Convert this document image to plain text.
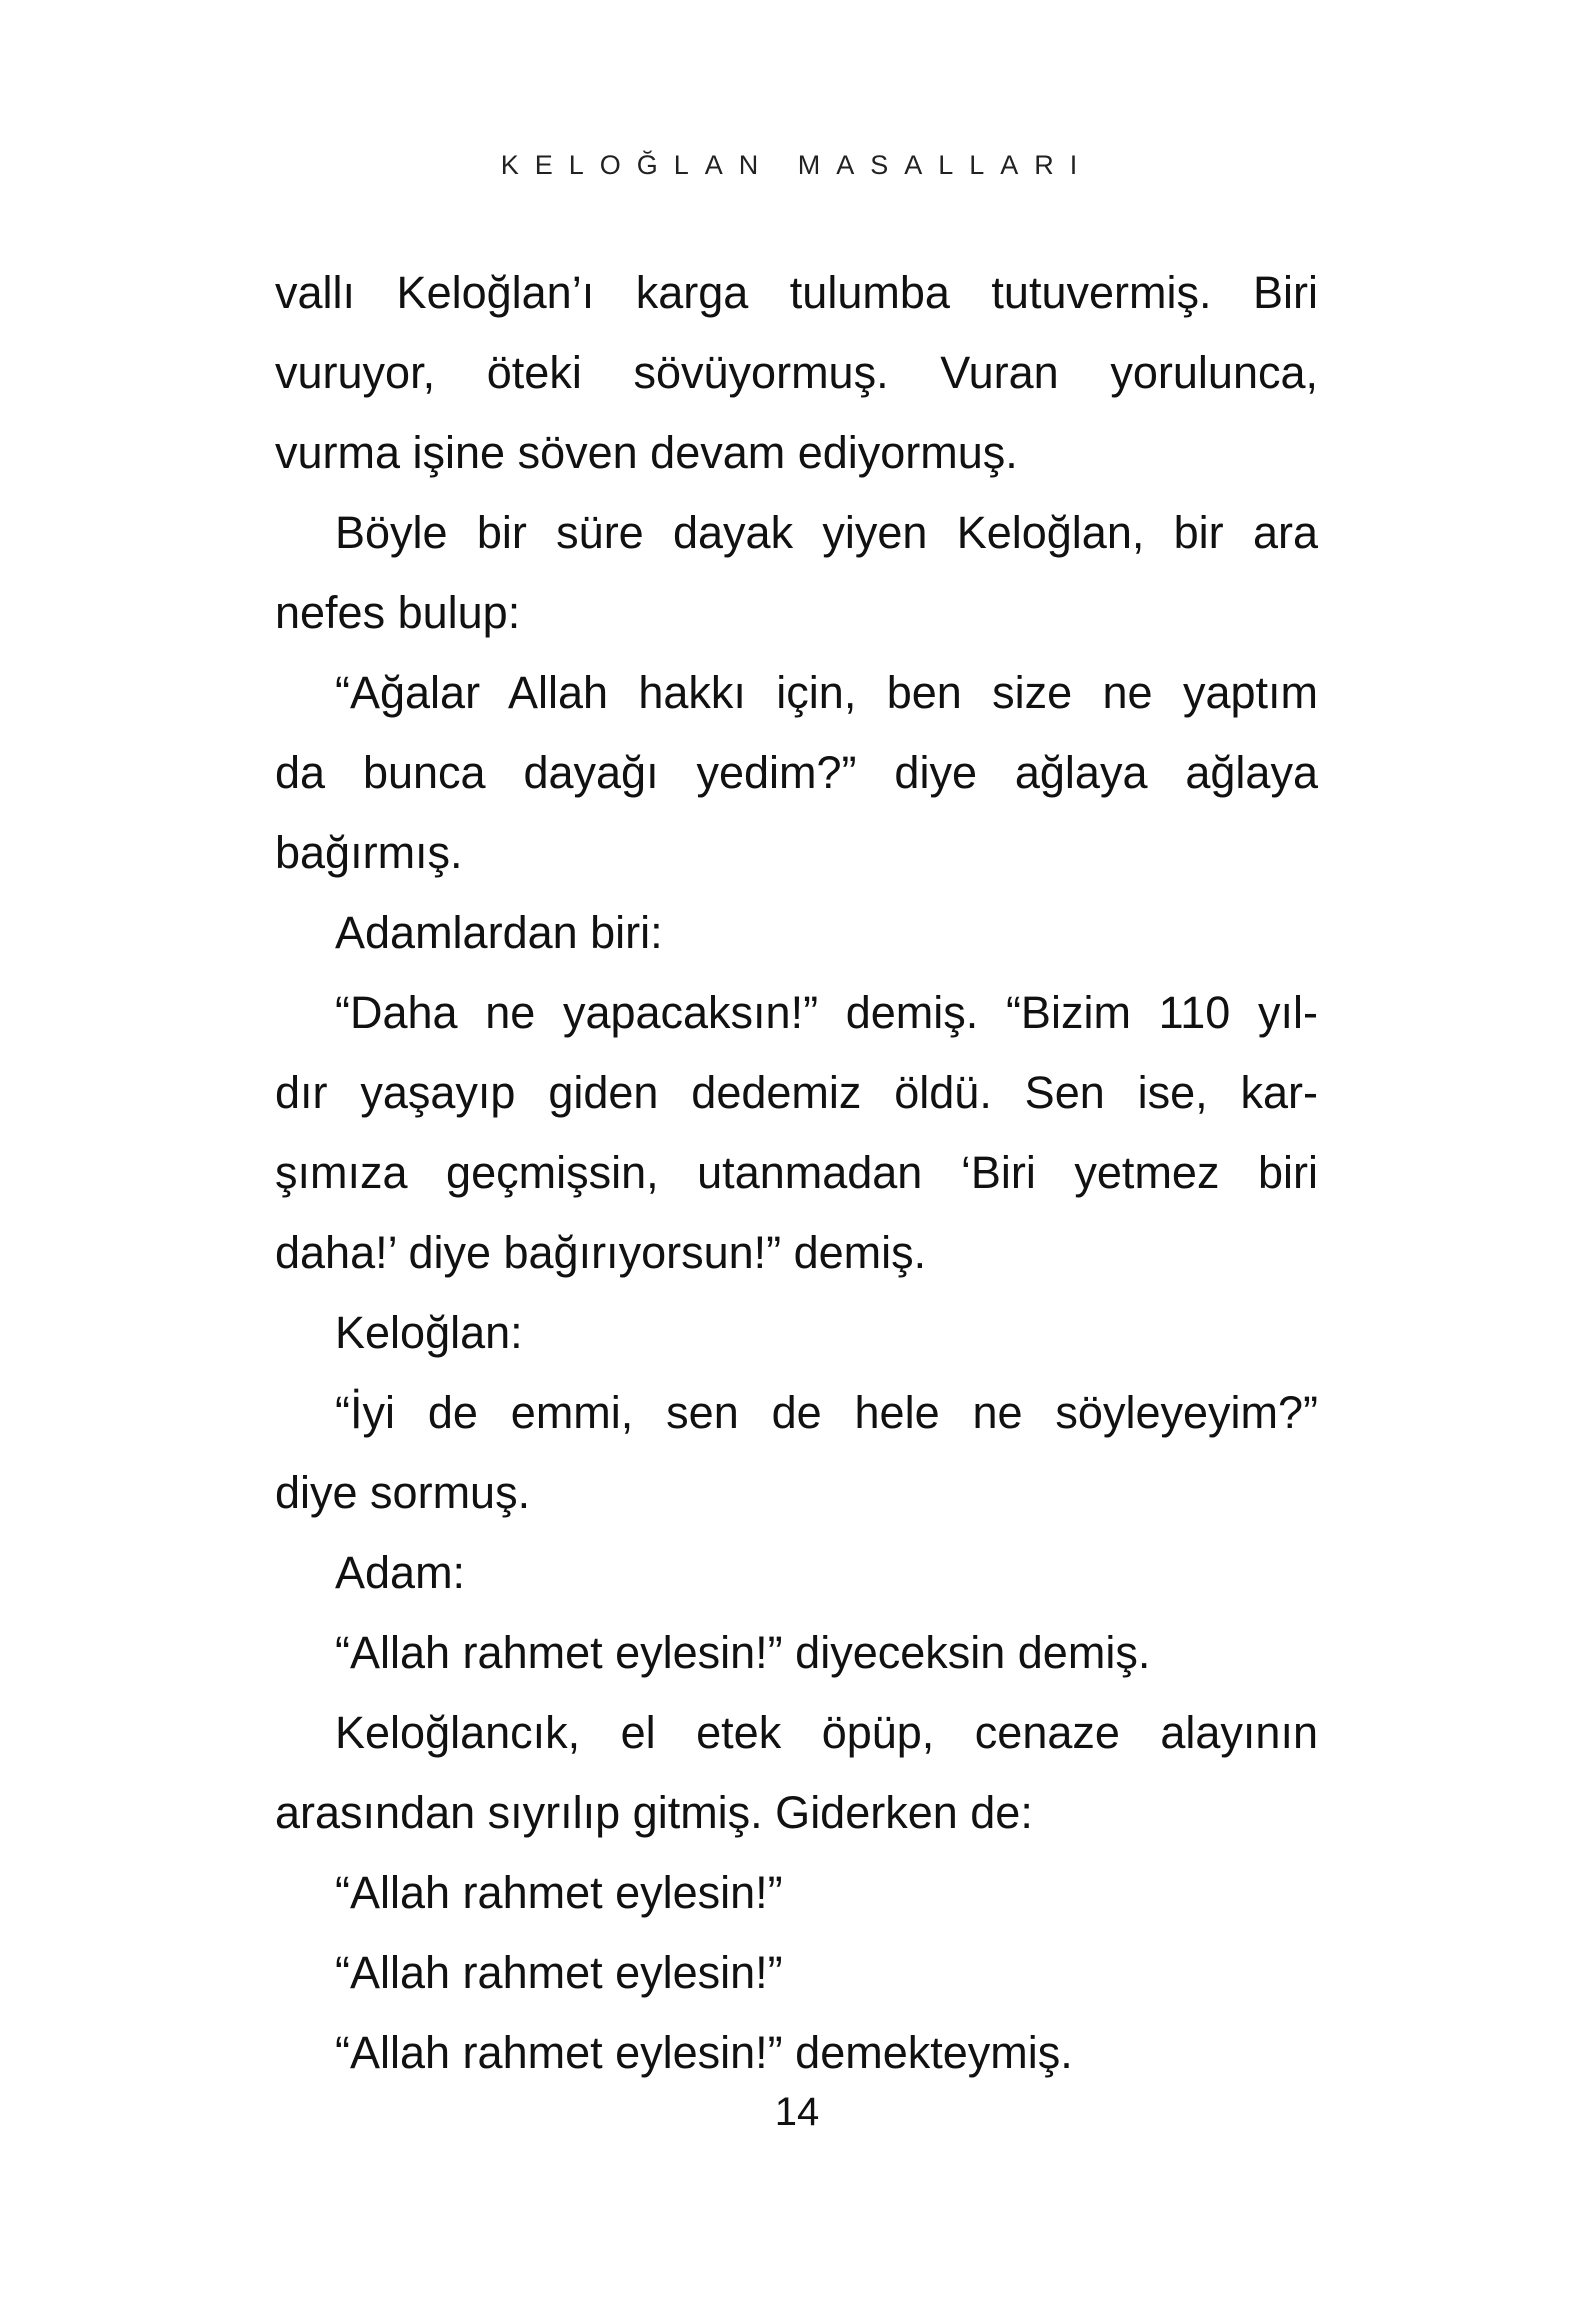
KELOĞLAN MASALLARI
vallı Keloğlan’ı karga tulumba tutuvermiş. Biri
vuruyor, öteki sövüyormuş. Vuran yorulunca,
vurma işine söven devam ediyormuş.
Böyle bir süre dayak yiyen Keloğlan, bir ara
nefes bulup:
“Ağalar Allah hakkı için, ben size ne yaptım
da bunca dayağı yedim?” diye ağlaya ağlaya
bağırmış.
Adamlardan biri:
“Daha ne yapacaksın!” demiş. “Bizim 110 yıl-
dır yaşayıp giden dedemiz öldü. Sen ise, kar-
şımıza geçmişsin, utanmadan ‘Biri yetmez biri
daha!’ diye bağırıyorsun!” demiş.
Keloğlan:
“İyi de emmi, sen de hele ne söyleyeyim?”
diye sormuş.
Adam:
“Allah rahmet eylesin!” diyeceksin demiş.
Keloğlancık, el etek öpüp, cenaze alayının
arasından sıyrılıp gitmiş. Giderken de:
“Allah rahmet eylesin!”
“Allah rahmet eylesin!”
“Allah rahmet eylesin!” demekteymiş.
14
